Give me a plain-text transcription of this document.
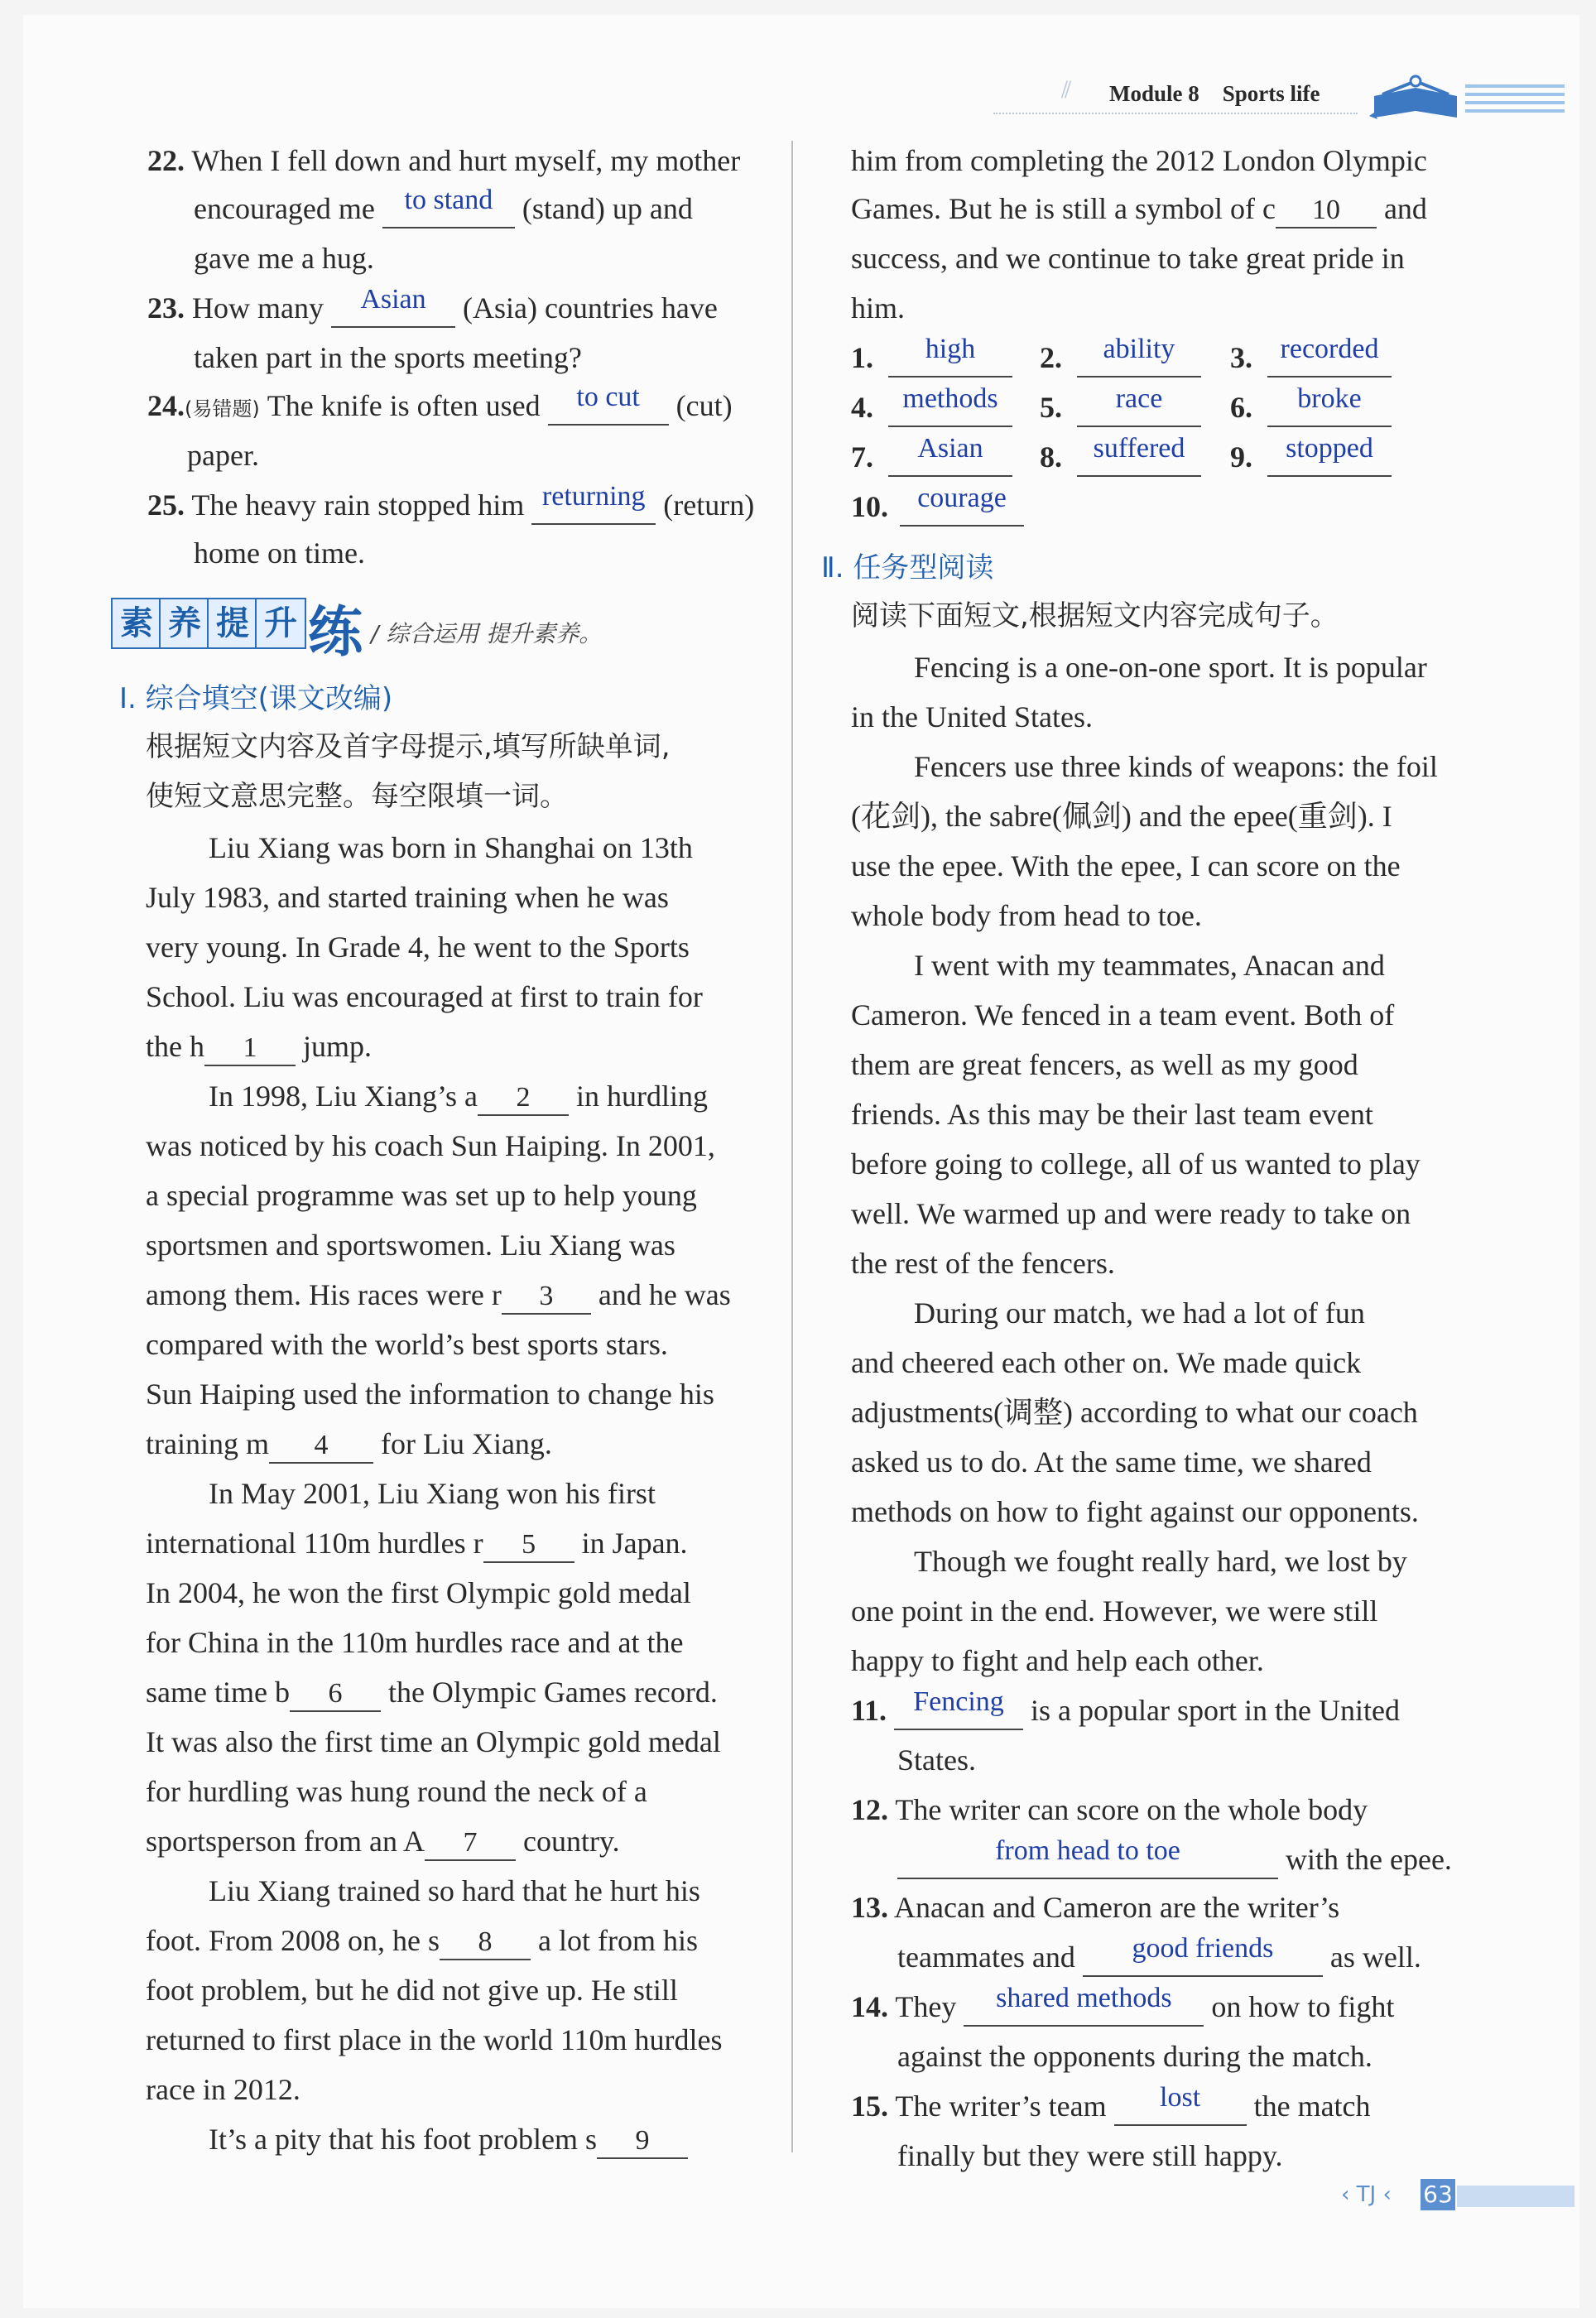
⫽ Module 8 Sports life
22. When I fell down and hurt myself, my mother
encouraged me to stand (stand) up and
gave me a hug.
23. How many Asian (Asia) countries have
taken part in the sports meeting?
24.(易错题) The knife is often used to cut (cut)
paper.
25. The heavy rain stopped him returning (return)
home on time.
素 养 提 升 练 / 综合运用 提升素养。
Ⅰ. 综合填空(课文改编)
根据短文内容及首字母提示,填写所缺单词,
使短文意思完整。每空限填一词。
Liu Xiang was born in Shanghai on 13th
July 1983, and started training when he was
very young. In Grade 4, he went to the Sports
School. Liu was encouraged at first to train for
the h 1 jump.
In 1998, Liu Xiang’s a 2 in hurdling
was noticed by his coach Sun Haiping. In 2001,
a special programme was set up to help young
sportsmen and sportswomen. Liu Xiang was
among them. His races were r 3 and he was
compared with the world’s best sports stars.
Sun Haiping used the information to change his
training m 4 for Liu Xiang.
In May 2001, Liu Xiang won his first
international 110m hurdles r 5 in Japan.
In 2004, he won the first Olympic gold medal
for China in the 110m hurdles race and at the
same time b 6 the Olympic Games record.
It was also the first time an Olympic gold medal
for hurdling was hung round the neck of a
sportsperson from an A 7 country.
Liu Xiang trained so hard that he hurt his
foot. From 2008 on, he s 8 a lot from his
foot problem, but he did not give up. He still
returned to first place in the world 110m hurdles
race in 2012.
It’s a pity that his foot problem s 9
him from completing the 2012 London Olympic
Games. But he is still a symbol of c 10 and
success, and we continue to take great pride in
him.
1. high	2. ability	3. recorded
4. methods	5. race	6. broke
7. Asian	8. suffered	9. stopped
10. courage
Ⅱ. 任务型阅读
阅读下面短文,根据短文内容完成句子。
Fencing is a one-on-one sport. It is popular
in the United States.
Fencers use three kinds of weapons: the foil
(花剑), the sabre(佩剑) and the epee(重剑). I
use the epee. With the epee, I can score on the
whole body from head to toe.
I went with my teammates, Anacan and
Cameron. We fenced in a team event. Both of
them are great fencers, as well as my good
friends. As this may be their last team event
before going to college, all of us wanted to play
well. We warmed up and were ready to take on
the rest of the fencers.
During our match, we had a lot of fun
and cheered each other on. We made quick
adjustments(调整) according to what our coach
asked us to do. At the same time, we shared
methods on how to fight against our opponents.
Though we fought really hard, we lost by
one point in the end. However, we were still
happy to fight and help each other.
11. Fencing is a popular sport in the United
States.
12. The writer can score on the whole body
from head to toe	with the epee.
13. Anacan and Cameron are the writer’s
teammates and good friends as well.
14. They shared methods on how to fight
against the opponents during the match.
15. The writer’s team lost the match
finally but they were still happy.
‹ TJ ‹ 63
